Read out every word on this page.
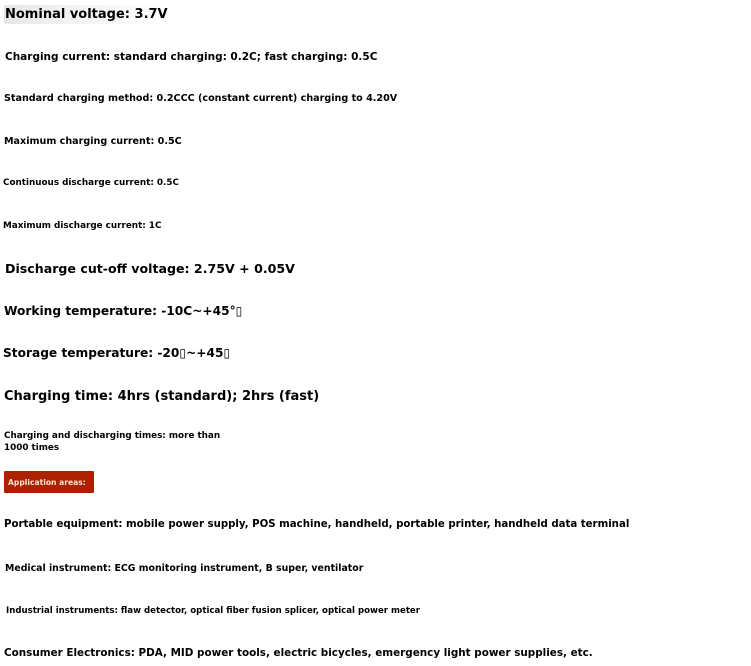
Nominal voltage: 3.7V
Charging current: standard charging: 0.2C; fast charging: 0.5C
Standard charging method: 0.2CCC (constant current) charging to 4.20V
Maximum charging current: 0.5C
Continuous discharge current: 0.5C
Maximum discharge current: 1C
Discharge cut-off voltage: 2.75V + 0.05V
Working temperature: -10C~+45°▯
Storage temperature: -20▯~+45▯
Charging time: 4hrs (standard); 2hrs (fast)
Charging and discharging times: more than
1000 times
Application areas:
Portable equipment: mobile power supply, POS machine, handheld, portable printer, handheld data terminal
Medical instrument: ECG monitoring instrument, B super, ventilator
Industrial instruments: flaw detector, optical fiber fusion splicer, optical power meter
Consumer Electronics: PDA, MID power tools, electric bicycles, emergency light power supplies, etc.
